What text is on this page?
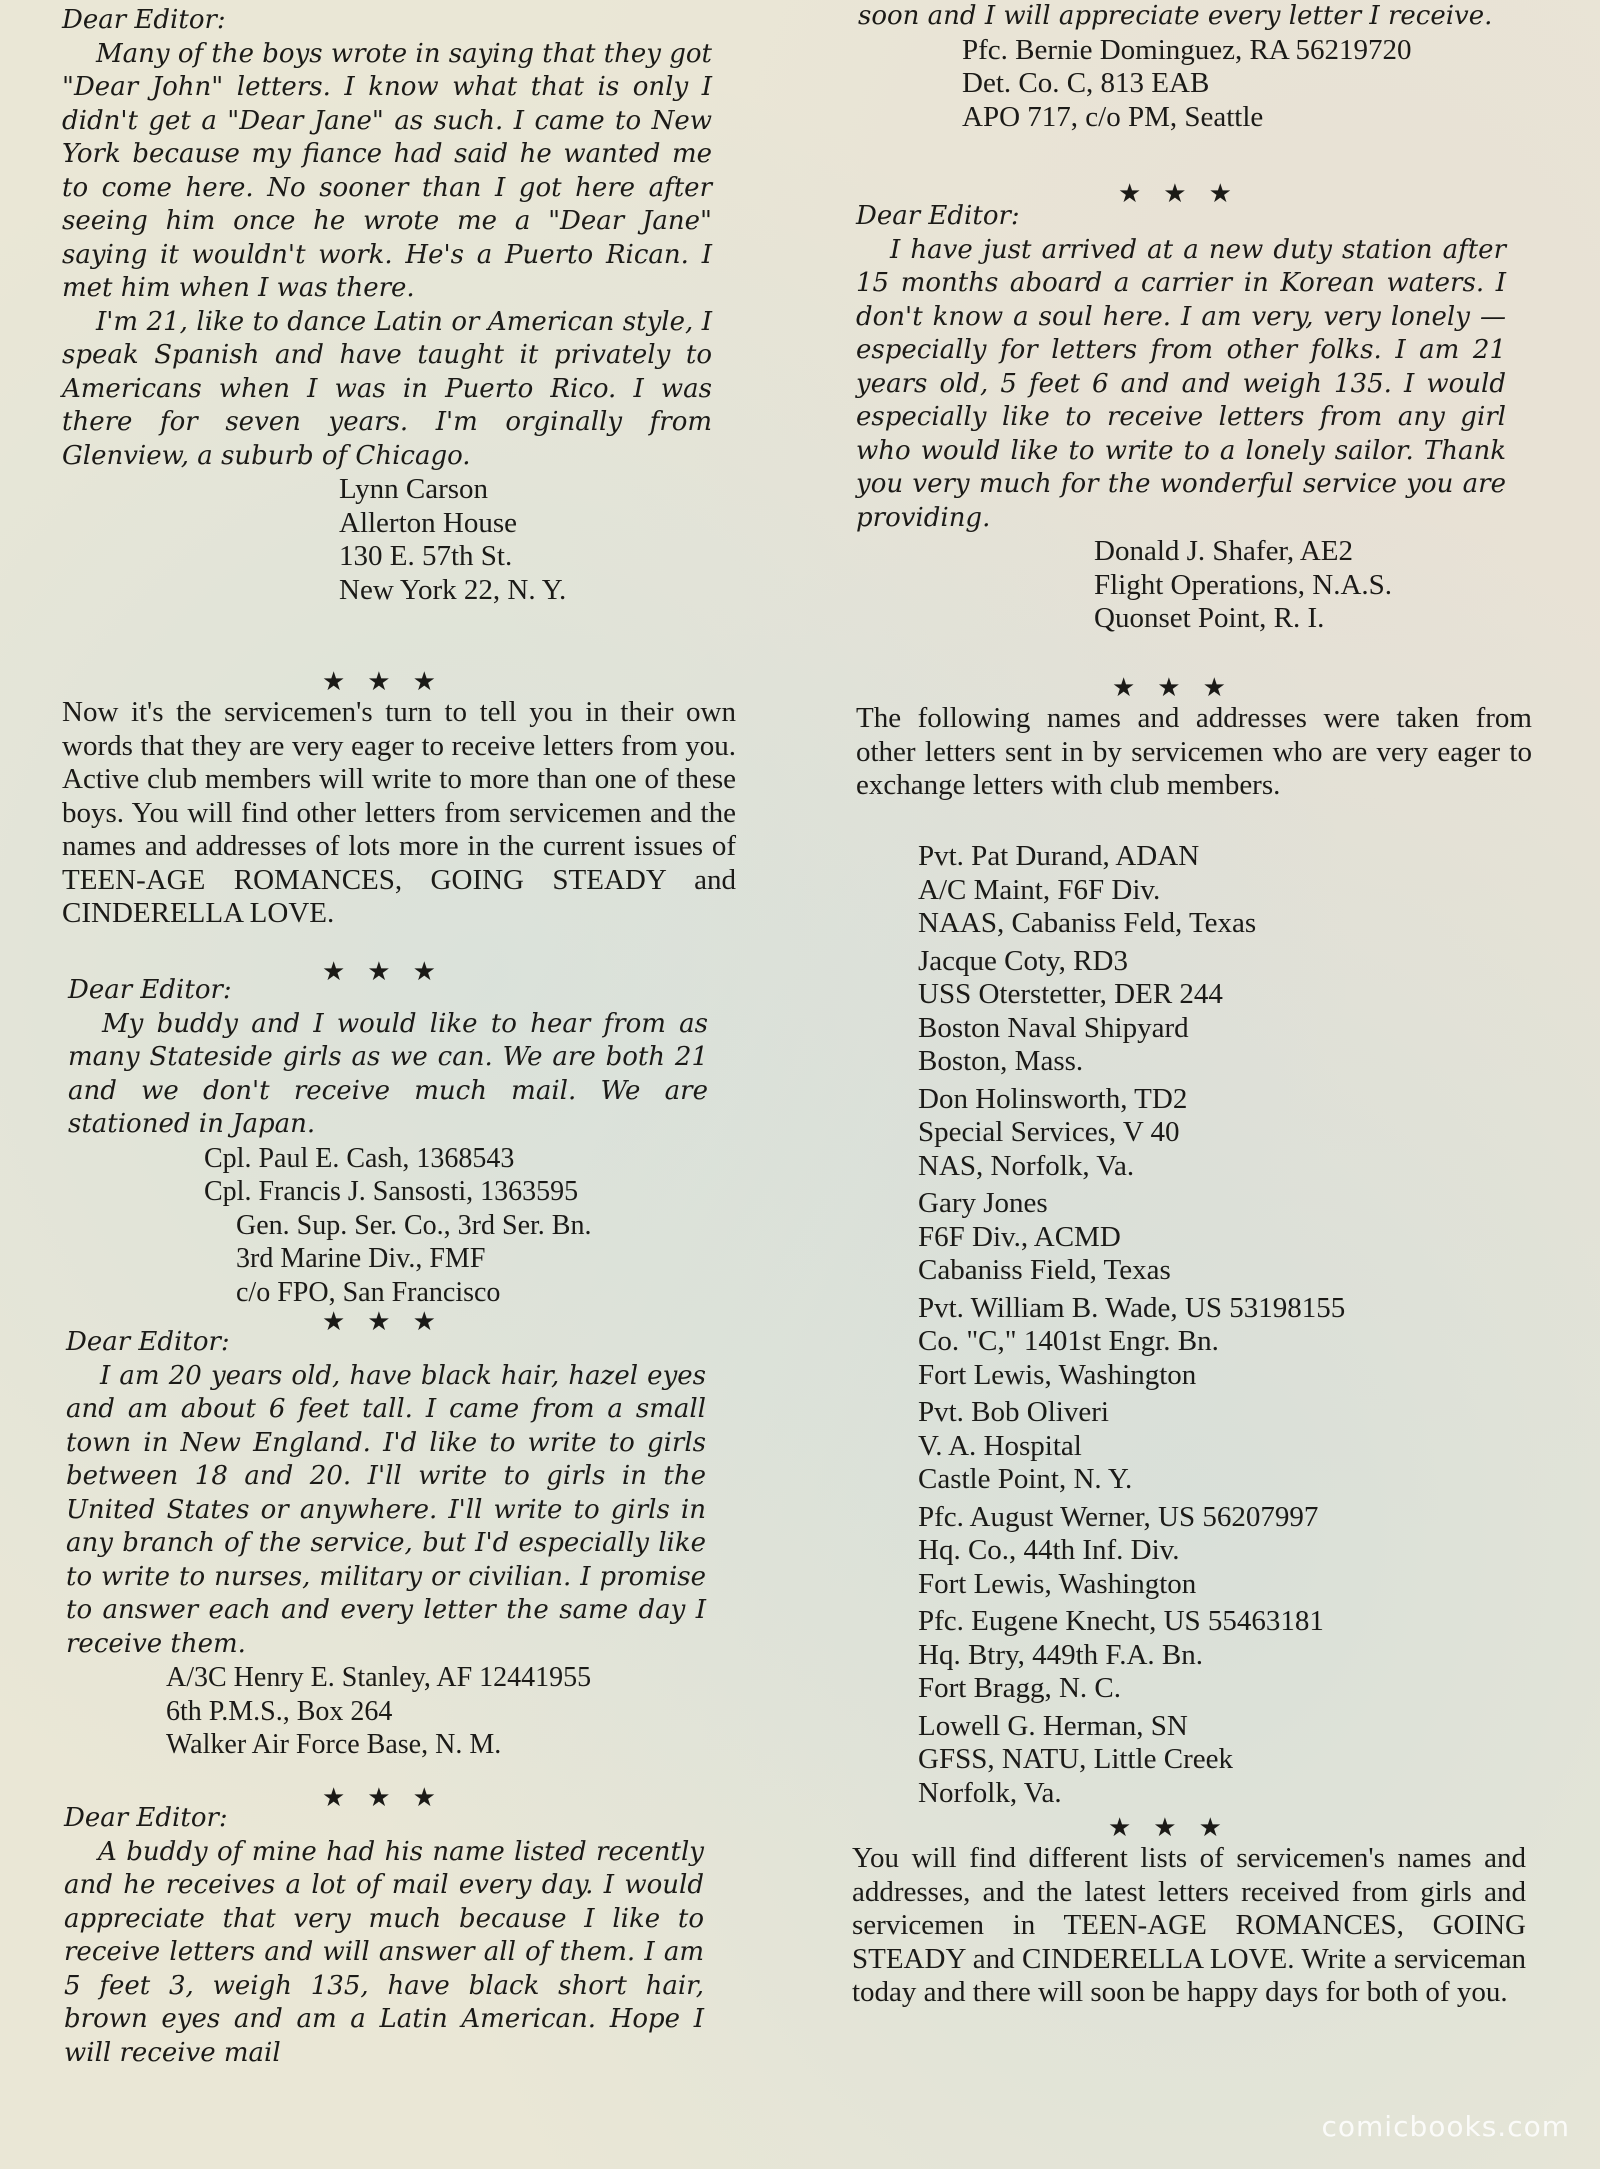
Dear Editor:

Many of the boys wrote in saying that they got "Dear John" letters. I know what that is only I didn't get a "Dear Jane" as such. I came to New York because my fiance had said he wanted me to come here. No sooner than I got here after seeing him once he wrote me a "Dear Jane" saying it wouldn't work. He's a Puerto Rican. I met him when I was there.

I'm 21, like to dance Latin or American style, I speak Spanish and have taught it privately to Americans when I was in Puerto Rico. I was there for seven years. I'm orginally from Glenview, a suburb of Chicago.

Lynn Carson
Allerton House
130 E. 57th St.
New York 22, N. Y.
★★★
Now it's the servicemen's turn to tell you in their own words that they are very eager to receive letters from you. Active club members will write to more than one of these boys. You will find other letters from servicemen and the names and addresses of lots more in the current issues of TEEN-AGE ROMANCES, GOING STEADY and CINDERELLA LOVE.
★★★

Dear Editor:

My buddy and I would like to hear from as many Stateside girls as we can. We are both 21 and we don't receive much mail. We are stationed in Japan.

Cpl. Paul E. Cash, 1368543
Cpl. Francis J. Sansosti, 1363595
Gen. Sup. Ser. Co., 3rd Ser. Bn.
3rd Marine Div., FMF
c/o FPO, San Francisco
★★★

Dear Editor:

I am 20 years old, have black hair, hazel eyes and am about 6 feet tall. I came from a small town in New England. I'd like to write to girls between 18 and 20. I'll write to girls in the United States or anywhere. I'll write to girls in any branch of the service, but I'd especially like to write to nurses, military or civilian. I promise to answer each and every letter the same day I receive them.

A/3C Henry E. Stanley, AF 12441955
6th P.M.S., Box 264
Walker Air Force Base, N. M.
★★★

Dear Editor:

A buddy of mine had his name listed recently and he receives a lot of mail every day. I would appreciate that very much because I like to receive letters and will answer all of them. I am 5 feet 3, weigh 135, have black short hair, brown eyes and am a Latin American. Hope I will receive mail

soon and I will appreciate every letter I receive.

Pfc. Bernie Dominguez, RA 56219720
Det. Co. C, 813 EAB
APO 717, c/o PM, Seattle
★★★

Dear Editor:

I have just arrived at a new duty station after 15 months aboard a carrier in Korean waters. I don't know a soul here. I am very, very lonely — especially for letters from other folks. I am 21 years old, 5 feet 6 and and weigh 135. I would especially like to receive letters from any girl who would like to write to a lonely sailor. Thank you very much for the wonderful service you are providing.

Donald J. Shafer, AE2
Flight Operations, N.A.S.
Quonset Point, R. I.
★★★
The following names and addresses were taken from other letters sent in by servicemen who are very eager to exchange letters with club members.
Pvt. Pat Durand, ADAN
A/C Maint, F6F Div.
NAAS, Cabaniss Feld, Texas
Jacque Coty, RD3
USS Oterstetter, DER 244
Boston Naval Shipyard
Boston, Mass.
Don Holinsworth, TD2
Special Services, V 40
NAS, Norfolk, Va.
Gary Jones
F6F Div., ACMD
Cabaniss Field, Texas
Pvt. William B. Wade, US 53198155
Co. "C," 1401st Engr. Bn.
Fort Lewis, Washington
Pvt. Bob Oliveri
V. A. Hospital
Castle Point, N. Y.
Pfc. August Werner, US 56207997
Hq. Co., 44th Inf. Div.
Fort Lewis, Washington
Pfc. Eugene Knecht, US 55463181
Hq. Btry, 449th F.A. Bn.
Fort Bragg, N. C.
Lowell G. Herman, SN
GFSS, NATU, Little Creek
Norfolk, Va.
★★★
You will find different lists of servicemen's names and addresses, and the latest letters received from girls and servicemen in TEEN-AGE ROMANCES, GOING STEADY and CINDERELLA LOVE. Write a serviceman today and there will soon be happy days for both of you.
comicbooks.com
